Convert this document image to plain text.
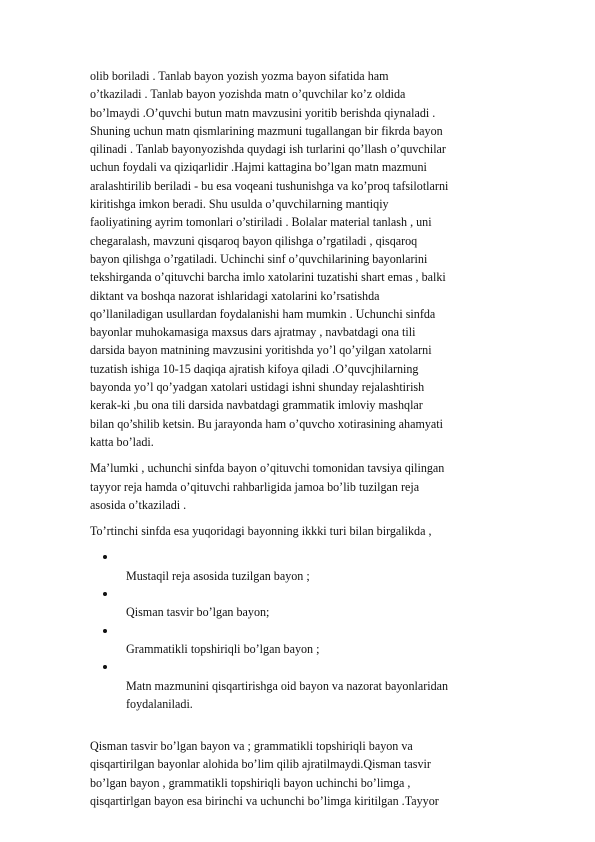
olib boriladi . Tanlab bayon yozish yozma bayon sifatida ham
o’tkaziladi . Tanlab bayon yozishda matn o’quvchilar ko’z oldida
bo’lmaydi .O’quvchi butun matn mavzusini yoritib berishda qiynaladi .
Shuning uchun matn qismlarining mazmuni tugallangan bir fikrda bayon
qilinadi . Tanlab bayonyozishda quydagi ish turlarini qo’llash o’quvchilar
uchun foydali va qiziqarlidir .Hajmi kattagina bo’lgan matn mazmuni
aralashtirilib beriladi - bu esa voqeani tushunishga va ko’proq tafsilotlarni
kiritishga imkon beradi. Shu usulda o’quvchilarning mantiqiy
faoliyatining ayrim tomonlari o’stiriladi . Bolalar material tanlash , uni
chegaralash, mavzuni qisqaroq bayon qilishga o’rgatiladi , qisqaroq
bayon qilishga o’rgatiladi. Uchinchi sinf o’quvchilarining bayonlarini
tekshirganda o’qituvchi barcha imlo xatolarini tuzatishi shart emas , balki
diktant va boshqa nazorat ishlaridagi xatolarini ko’rsatishda
qo’llaniladigan usullardan foydalanishi ham mumkin . Uchunchi sinfda
bayonlar muhokamasiga maxsus dars ajratmay , navbatdagi ona tili
darsida bayon matnining mavzusini yoritishda yo’l qo’yilgan xatolarni
tuzatish ishiga 10-15 daqiqa ajratish kifoya qiladi .O’quvcjhilarning
bayonda yo’l qo’yadgan xatolari ustidagi ishni shunday rejalashtirish
kerak-ki ,bu ona tili darsida navbatdagi grammatik imloviy mashqlar
bilan qo’shilib ketsin. Bu jarayonda ham o’quvcho xotirasining ahamyati
katta bo’ladi.

Ma’lumki , uchunchi sinfda bayon o’qituvchi tomonidan tavsiya qilingan
tayyor reja hamda o’qituvchi rahbarligida jamoa bo’lib tuzilgan reja
asosida o’tkaziladi .

To’rtinchi sinfda esa yuqoridagi bayonning ikkki turi bilan birgalikda ,

Mustaqil reja asosida tuzilgan bayon ;
Qisman tasvir bo’lgan bayon;
Grammatikli topshiriqli bo’lgan bayon ;
Matn mazmunini qisqartirishga oid bayon va nazorat bayonlaridan
foydalaniladi.

Qisman tasvir bo’lgan bayon va ; grammatikli topshiriqli bayon va
qisqartirilgan bayonlar alohida bo’lim qilib ajratilmaydi.Qisman tasvir
bo’lgan bayon , grammatikli topshiriqli bayon uchinchi bo’limga ,
qisqartirlgan bayon esa birinchi va uchunchi bo’limga kiritilgan .Tayyor
